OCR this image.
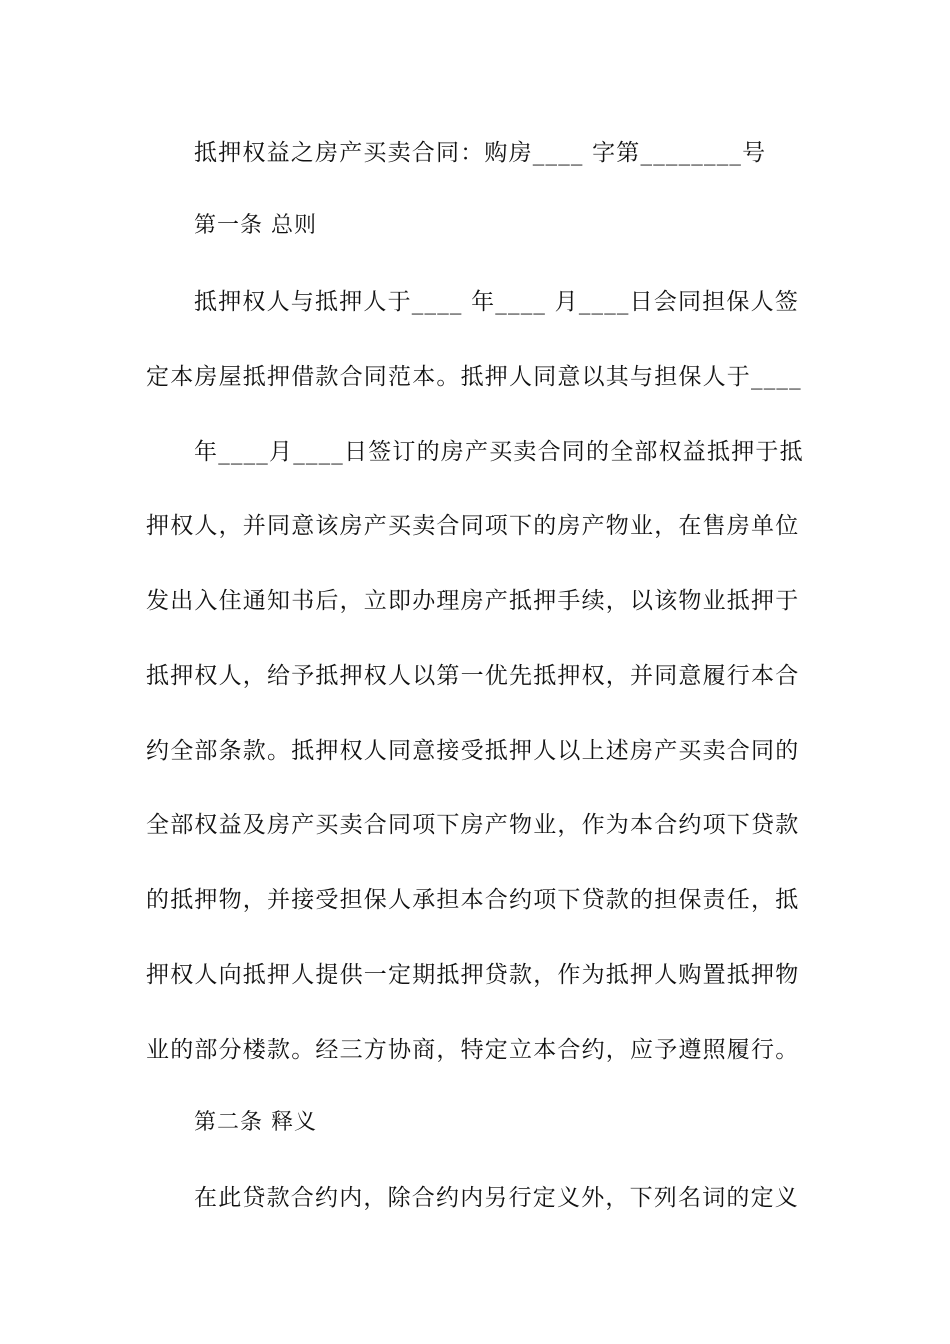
抵押权益之房产买卖合同：购房____ 字第________号
第一条 总则
抵押权人与抵押人于____ 年____ 月____日会同担保人签
定本房屋抵押借款合同范本。抵押人同意以其与担保人于____
年____月____日签订的房产买卖合同的全部权益抵押于抵
押权人，并同意该房产买卖合同项下的房产物业，在售房单位
发出入住通知书后，立即办理房产抵押手续，以该物业抵押于
抵押权人，给予抵押权人以第一优先抵押权，并同意履行本合
约全部条款。抵押权人同意接受抵押人以上述房产买卖合同的
全部权益及房产买卖合同项下房产物业，作为本合约项下贷款
的抵押物，并接受担保人承担本合约项下贷款的担保责任，抵
押权人向抵押人提供一定期抵押贷款，作为抵押人购置抵押物
业的部分楼款。经三方协商，特定立本合约，应予遵照履行。
第二条 释义
在此贷款合约内，除合约内另行定义外，下列名词的定义
